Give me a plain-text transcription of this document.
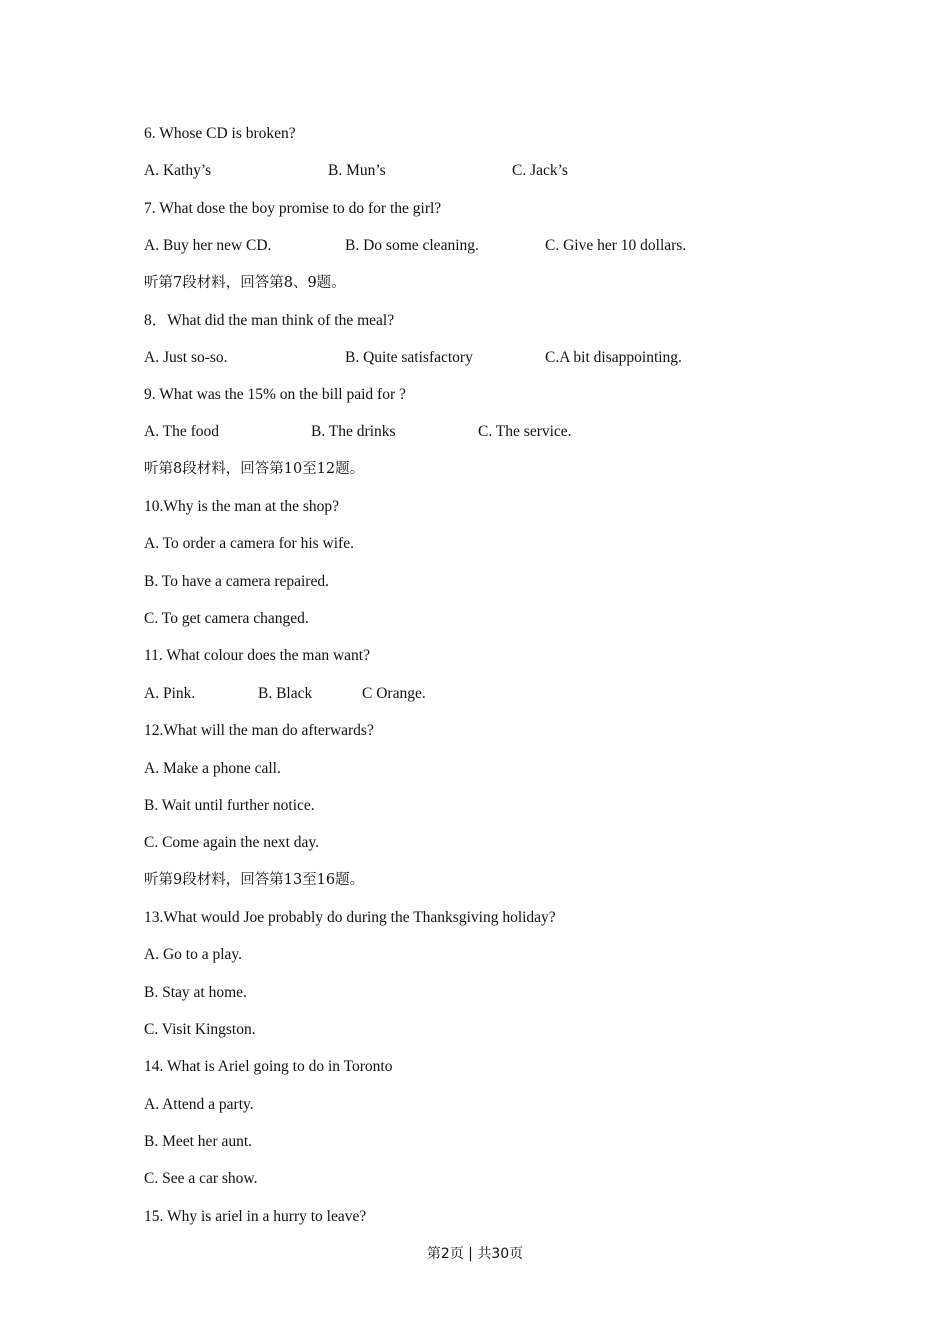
6. Whose CD is broken?
A. Kathy’s	B. Mun’s	C. Jack’s
7. What dose the boy promise to do for the girl?
A. Buy her new CD.	B. Do some cleaning.	C. Give her 10 dollars.
听第7段材料，回答第8、9题。
8．What did the man think of the meal?
A. Just so-so.	B. Quite satisfactory	C.A bit disappointing.
9. What was the 15% on the bill paid for ?
A. The food	B. The drinks	C. The service.
听第8段材料，回答第10至12题。
10.Why is the man at the shop?
A. To order a camera for his wife.
B. To have a camera repaired.
C. To get camera changed.
11. What colour does the man want?
A. Pink.	B. Black	C Orange.
12.What will the man do afterwards?
A. Make a phone call.
B. Wait until further notice.
C. Come again the next day.
听第9段材料，回答第13至16题。
13.What would Joe probably do during the Thanksgiving holiday?
A. Go to a play.
B. Stay at home.
C. Visit Kingston.
14. What is Ariel going to do in Toronto
A. Attend a party.
B. Meet her aunt.
C. See a car show.
15. Why is ariel in a hurry to leave?
第2页 | 共30页
